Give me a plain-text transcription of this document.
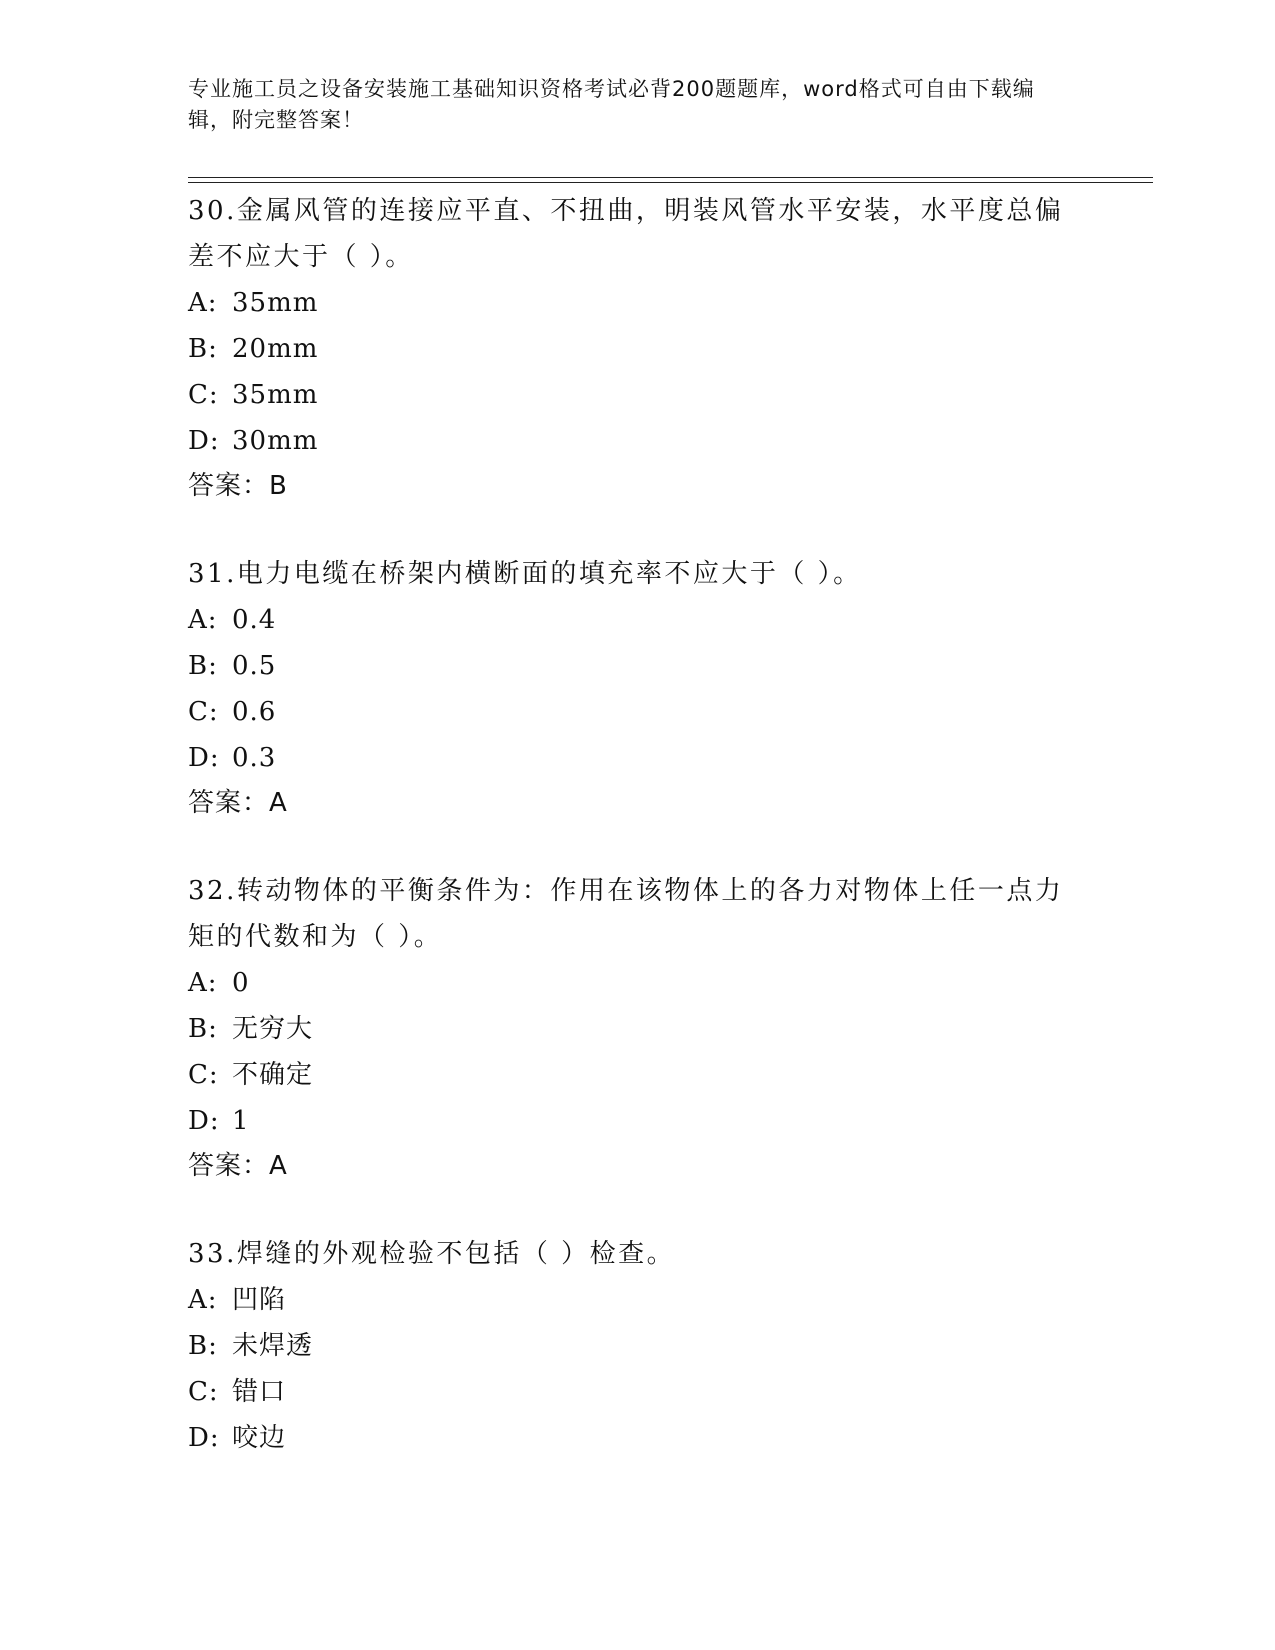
专业施工员之设备安装施工基础知识资格考试必背200题题库，word格式可自由下载编辑，附完整答案！

30.金属风管的连接应平直、不扭曲，明装风管水平安装，水平度总偏差不应大于（ ）。

A: 35mm
B: 20mm
C: 35mm
D: 30mm
答案：B

31.电力电缆在桥架内横断面的填充率不应大于（ ）。

A: 0.4
B: 0.5
C: 0.6
D: 0.3
答案：A

32.转动物体的平衡条件为：作用在该物体上的各力对物体上任一点力矩的代数和为（ ）。

A: 0
B: 无穷大
C: 不确定
D: 1
答案：A

33.焊缝的外观检验不包括（ ）检查。

A: 凹陷
B: 未焊透
C: 错口
D: 咬边
